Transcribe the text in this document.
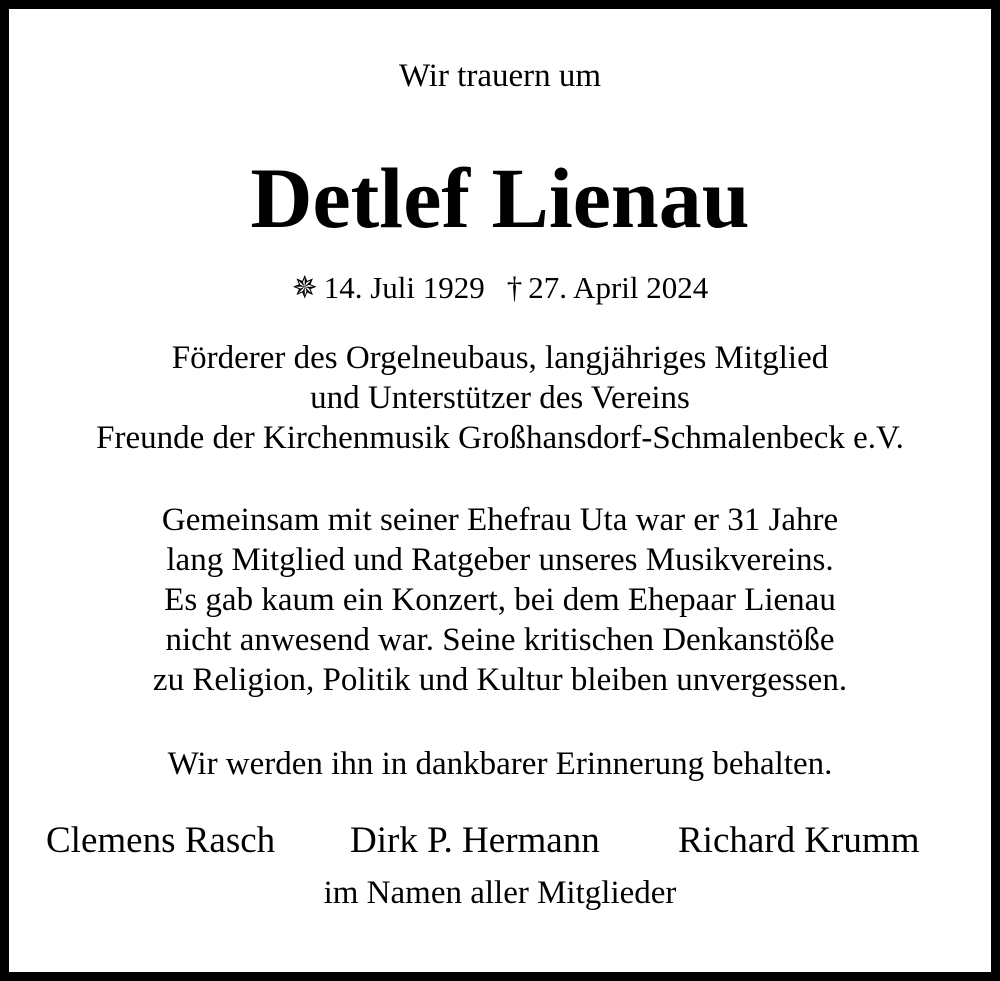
Wir trauern um
Detlef Lienau
✵ 14. Juli 1929 † 27. April 2024
Förderer des Orgelneubaus, langjähriges Mitglied
und Unterstützer des Vereins
Freunde der Kirchenmusik Großhansdorf-Schmalenbeck e.V.
Gemeinsam mit seiner Ehefrau Uta war er 31 Jahre
lang Mitglied und Ratgeber unseres Musikvereins.
Es gab kaum ein Konzert, bei dem Ehepaar Lienau
nicht anwesend war. Seine kritischen Denkanstöße
zu Religion, Politik und Kultur bleiben unvergessen.
Wir werden ihn in dankbarer Erinnerung behalten.
Clemens Rasch Dirk P. Hermann Richard Krumm
im Namen aller Mitglieder
